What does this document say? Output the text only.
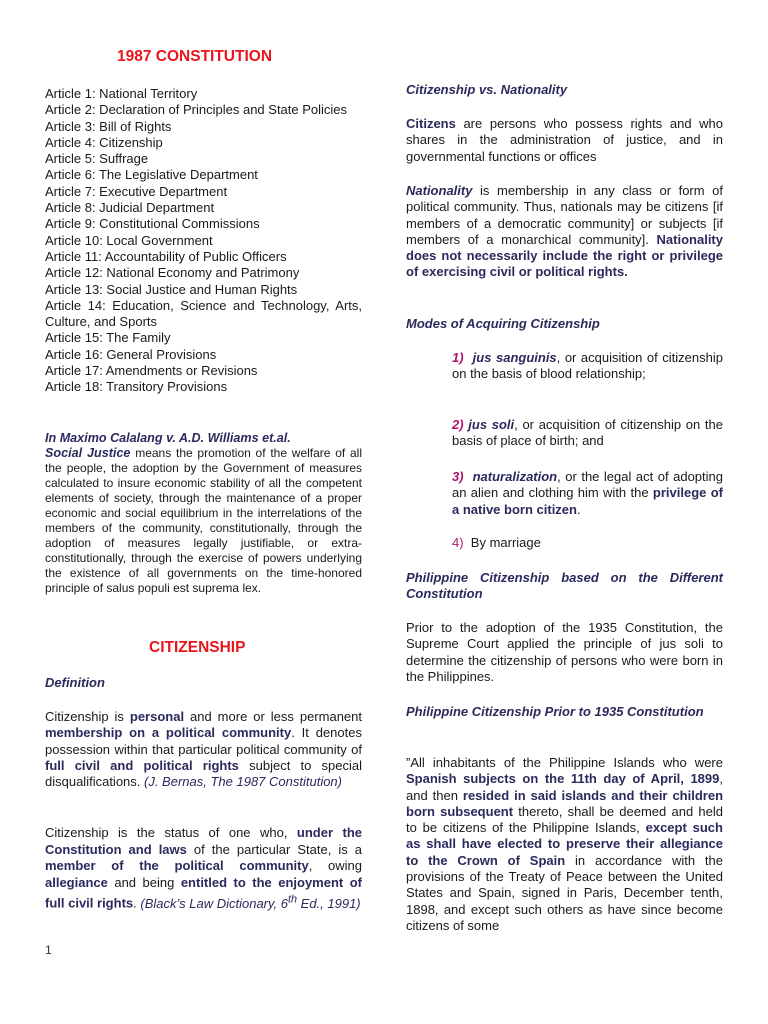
1987 CONSTITUTION
Article 1: National Territory
Article 2: Declaration of Principles and State Policies
Article 3: Bill of Rights
Article 4: Citizenship
Article 5: Suffrage
Article 6: The Legislative Department
Article 7: Executive Department
Article 8: Judicial Department
Article 9: Constitutional Commissions
Article 10: Local Government
Article 11: Accountability of Public Officers
Article 12: National Economy and Patrimony
Article 13: Social Justice and Human Rights
Article 14: Education, Science and Technology, Arts, Culture, and Sports
Article 15: The Family
Article 16: General Provisions
Article 17: Amendments or Revisions
Article 18: Transitory Provisions
In Maximo Calalang v. A.D. Williams et.al.
Social Justice means the promotion of the welfare of all the people, the adoption by the Government of measures calculated to insure economic stability of all the competent elements of society, through the maintenance of a proper economic and social equilibrium in the interrelations of the members of the community, constitutionally, through the adoption of measures legally justifiable, or extra-constitutionally, through the exercise of powers underlying the existence of all governments on the time-honored principle of salus populi est suprema lex.
CITIZENSHIP
Definition
Citizenship is personal and more or less permanent membership on a political community. It denotes possession within that particular political community of full civil and political rights subject to special disqualifications. (J. Bernas, The 1987 Constitution)
Citizenship is the status of one who, under the Constitution and laws of the particular State, is a member of the political community, owing allegiance and being entitled to the enjoyment of full civil rights. (Black’s Law Dictionary, 6th Ed., 1991)
1
Citizenship vs. Nationality
Citizens are persons who possess rights and who shares in the administration of justice, and in governmental functions or offices
Nationality is membership in any class or form of political community. Thus, nationals may be citizens [if members of a democratic community] or subjects [if members of a monarchical community]. Nationality does not necessarily include the right or privilege of exercising civil or political rights.
Modes of Acquiring Citizenship
1) jus sanguinis, or acquisition of citizenship on the basis of blood relationship;
2) jus soli, or acquisition of citizenship on the basis of place of birth; and
3) naturalization, or the legal act of adopting an alien and clothing him with the privilege of a native born citizen.
4) By marriage
Philippine Citizenship based on the Different Constitution
Prior to the adoption of the 1935 Constitution, the Supreme Court applied the principle of jus soli to determine the citizenship of persons who were born in the Philippines.
Philippine Citizenship Prior to 1935 Constitution
”All inhabitants of the Philippine Islands who were Spanish subjects on the 11th day of April, 1899, and then resided in said islands and their children born subsequent thereto, shall be deemed and held to be citizens of the Philippine Islands, except such as shall have elected to preserve their allegiance to the Crown of Spain in accordance with the provisions of the Treaty of Peace between the United States and Spain, signed in Paris, December tenth, 1898, and except such others as have since become citizens of some
